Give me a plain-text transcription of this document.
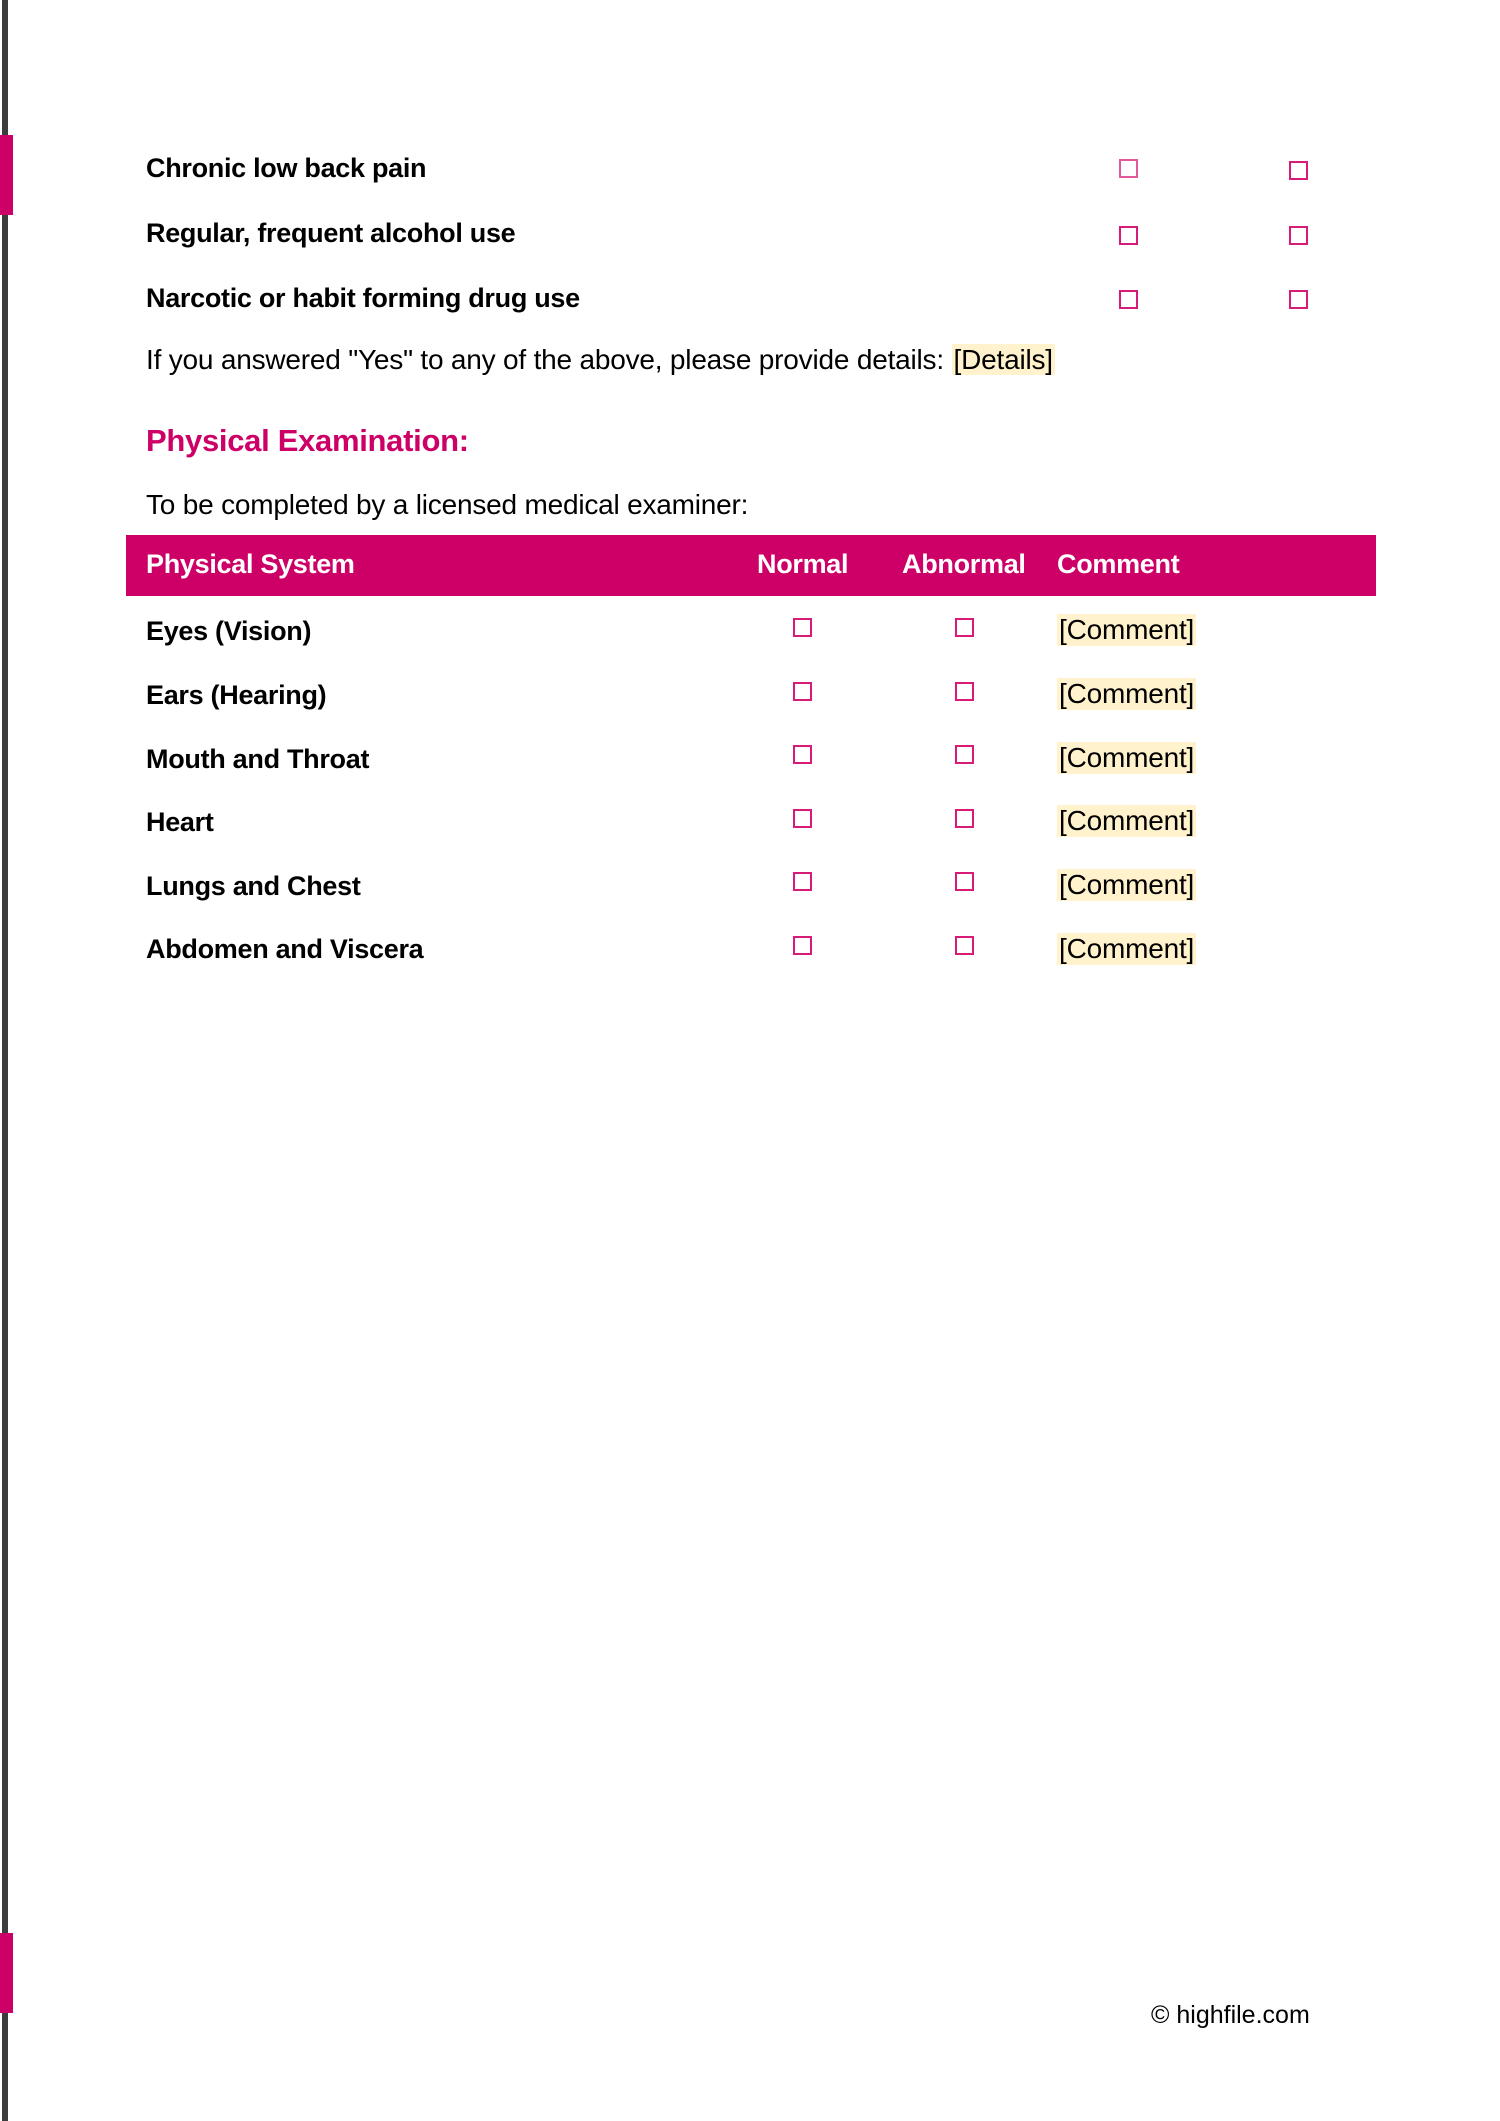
Chronic low back pain
Regular, frequent alcohol use
Narcotic or habit forming drug use
If you answered "Yes" to any of the above, please provide details: [Details]
Physical Examination:
To be completed by a licensed medical examiner:
Physical System	Normal Abnormal Comment
Eyes (Vision)	[Comment]
Ears (Hearing)	[Comment]
Mouth and Throat	[Comment]
Heart	[Comment]
Lungs and Chest	[Comment]
Abdomen and Viscera	[Comment]
© highfile.com
